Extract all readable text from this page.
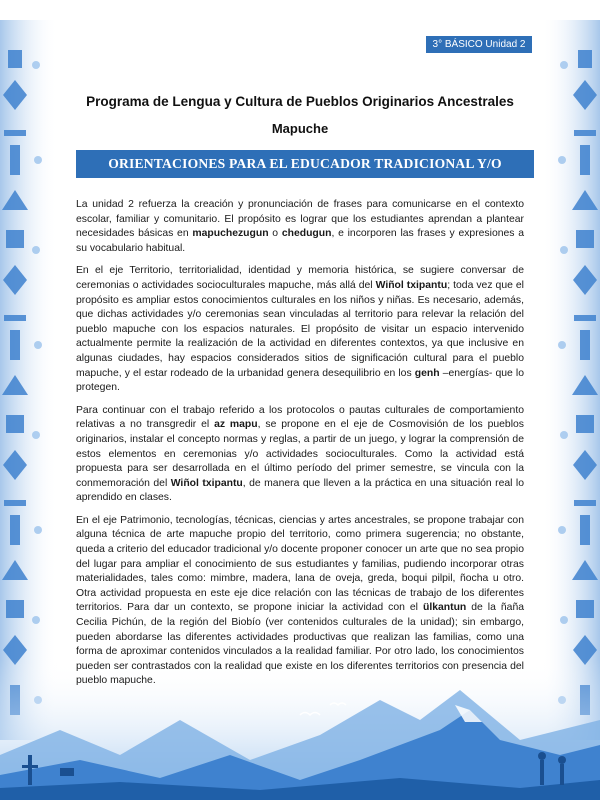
3° BÁSICO Unidad 2
Programa de Lengua y Cultura de Pueblos Originarios Ancestrales
Mapuche
ORIENTACIONES PARA EL EDUCADOR TRADICIONAL Y/O DOCENTE

La unidad 2 refuerza la creación y pronunciación de frases para comunicarse en el contexto escolar, familiar y comunitario. El propósito es lograr que los estudiantes aprendan a plantear necesidades básicas en mapuchezugun o chedugun, e incorporen las frases y expresiones a su vocabulario habitual.

En el eje Territorio, territorialidad, identidad y memoria histórica, se sugiere conversar de ceremonias o actividades socioculturales mapuche, más allá del Wiñol txipantu; toda vez que el propósito es ampliar estos conocimientos culturales en los niños y niñas. Es necesario, además, que dichas actividades y/o ceremonias sean vinculadas al territorio para relevar la relación del pueblo mapuche con los espacios naturales. El propósito de visitar un espacio intervenido actualmente permite la realización de la actividad en diferentes contextos, ya que inclusive en algunas ciudades, hay espacios considerados sitios de significación cultural para el pueblo mapuche, y el estar rodeado de la urbanidad genera desequilibrio en los genh –energías- que lo protegen.

Para continuar con el trabajo referido a los protocolos o pautas culturales de comportamiento relativas a no transgredir el az mapu, se propone en el eje de Cosmovisión de los pueblos originarios, instalar el concepto normas y reglas, a partir de un juego, y lograr la comprensión de estos elementos en ceremonias y/o actividades socioculturales. Como la actividad está propuesta para ser desarrollada en el último período del primer semestre, se vincula con la conmemoración del Wiñol txipantu, de manera que lleven a la práctica en una situación real lo aprendido en clases.

En el eje Patrimonio, tecnologías, técnicas, ciencias y artes ancestrales, se propone trabajar con alguna técnica de arte mapuche propio del territorio, como primera sugerencia; no obstante, queda a criterio del educador tradicional y/o docente proponer conocer un arte que no sea propio del lugar para ampliar el conocimiento de sus estudiantes y familias, pudiendo incorporar otras materialidades, tales como: mimbre, madera, lana de oveja, greda, boqui pilpil, ñocha u otro. Otra actividad propuesta en este eje dice relación con las técnicas de trabajo de los diferentes territorios. Para dar un contexto, se propone iniciar la actividad con el ülkantun de la ñaña Cecilia Pichún, de la región del Biobío (ver contenidos culturales de la unidad); sin embargo, pueden abordarse las diferentes actividades productivas que realizan las familias, como una forma de aproximar contenidos vinculados a la realidad familiar. Por otro lado, los conocimientos pueden ser contrastados con la realidad que existe en los diferentes territorios con presencia del pueblo mapuche.
